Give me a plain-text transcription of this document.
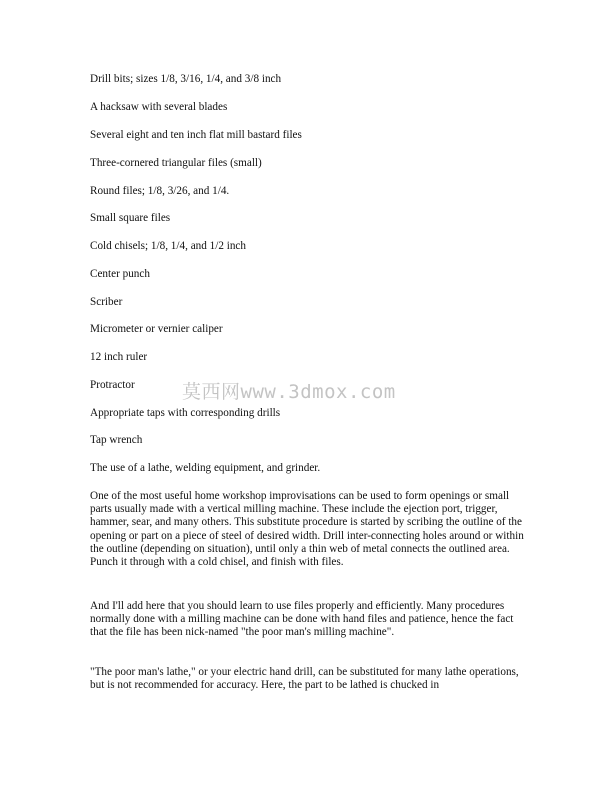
Drill bits; sizes 1/8, 3/16, 1/4, and 3/8 inch
A hacksaw with several blades
Several eight and ten inch flat mill bastard files
Three-cornered triangular files (small)
Round files; 1/8, 3/26, and 1/4.
Small square files
Cold chisels; 1/8, 1/4, and 1/2 inch
Center punch
Scriber
Micrometer or vernier caliper
12 inch ruler
Protractor
Appropriate taps with corresponding drills
Tap wrench
The use of a lathe, welding equipment, and grinder.

One of the most useful home workshop improvisations can be used to form openings or small parts usually made with a vertical milling machine. These include the ejection port, trigger, hammer, sear, and many others. This substitute procedure is started by scribing the outline of the opening or part on a piece of steel of desired width. Drill inter-connecting holes around or within the outline (depending on situation), until only a thin web of metal connects the outlined area. Punch it through with a cold chisel, and finish with files.

And I'll add here that you should learn to use files properly and efficiently. Many procedures normally done with a milling machine can be done with hand files and patience, hence the fact that the file has been nick-named "the poor man's milling machine".

"The poor man's lathe," or your electric hand drill, can be substituted for many lathe operations, but is not recommended for accuracy. Here, the part to be lathed is chucked in

莫西网www.3dmox.com
